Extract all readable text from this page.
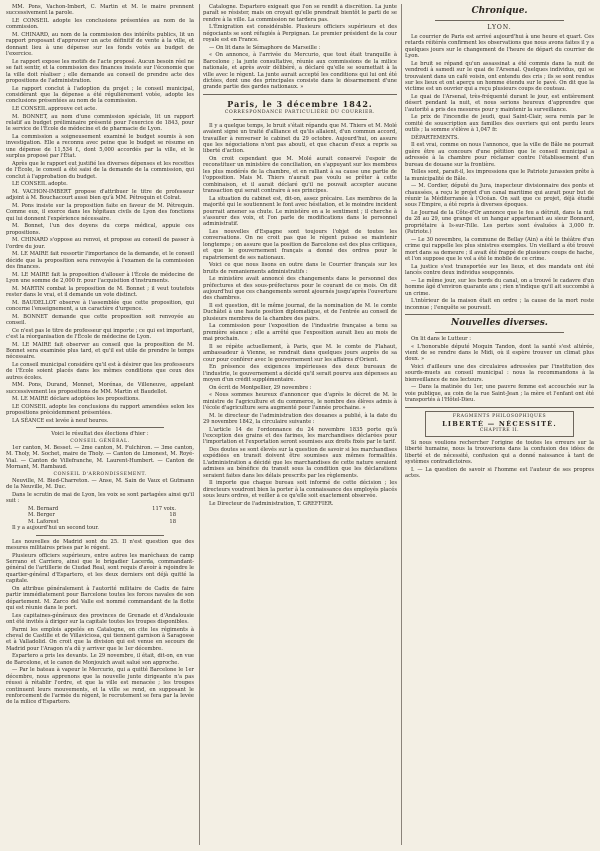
MM. Pons, Vachon-Imbert, C. Martin et M. le maire prennent successivement la parole.

LE CONSEIL adopte les conclusions présentées au nom de la commission.

M. CHINARD, au nom de la commission des intérêts publics, lit un rapport proposant d'approuver un acte définitif de vente à la ville, et donnant lieu à une dépense sur les fonds votés au budget de l'exercice.

Le rapport expose les motifs de l'acte proposé. Aucun besoin réel ne se fait sentir, et la commission des finances insiste sur l'économie que la ville doit réaliser ; elle demande au conseil de prendre acte des propositions de l'administration.

Le rapport conclut à l'adoption du projet ; le conseil municipal, considérant que la dépense a été régulièrement votée, adopte les conclusions présentées au nom de la commission.

LE CONSEIL approuve cet acte.

M. BONNET, au nom d'une commission spéciale, lit un rapport relatif au budget préliminaire présenté pour l'exercice de 1843, pour le service de l'École de médecine et de pharmacie de Lyon.

La commission a soigneusement examiné le budget soumis à son investigation. Elle a reconnu avec peine que le budget se résume en une dépense de 11,534 f., dont 5,000 accordés par la ville, et le surplus proposé par l'État.

Après que le rapport eut justifié les diverses dépenses et les recettes de l'École, le conseil a été saisi de la demande de la commission, qui conclut à l'approbation du budget.

LE CONSEIL adopte.

M. VACHON-IMBERT propose d'attribuer le titre de professeur adjoint à M. Bouchacourt aussi bien qu'à MM. Pétrequin et Colrat.

M. Pons insiste sur la proposition faite en faveur de M. Pétrequin. Comme eux, il exerce dans les hôpitaux civils de Lyon des fonctions qui lui donnent l'expérience nécessaire.

M. Bonnet, l'un des doyens du corps médical, appuie ces propositions.

M. CHINARD s'oppose au renvoi, et propose au conseil de passer à l'ordre du jour.

M. LE MAIRE fait ressortir l'importance de la demande, et le conseil décide que la proposition sera renvoyée à l'examen de la commission des finances.

M. LE MAIRE fait la proposition d'allouer à l'École de médecine de Lyon une somme de 2,000 fr. pour l'acquisition d'instruments.

M. MARTIN combat la proposition de M. Bonnet ; il veut toutefois rester dans le vrai, et il demande un vote distinct.

M. BAUDELLOT observe à l'assemblée que cette proposition, qui concerne l'enseignement, a un caractère d'urgence.

M. BONNET demande que cette proposition soit renvoyée au conseil.

Ce n'est pas le titre de professeur qui importe ; ce qui est important, c'est la réorganisation de l'École de médecine de Lyon.

M. LE MAIRE fait observer au conseil que la proposition de M. Bonnet sera examinée plus tard, et qu'il est utile de prendre le temps nécessaire.

Le conseil municipal considère qu'il est à désirer que les professeurs de l'École soient placés dans les mêmes conditions que ceux des autres écoles.

MM. Pons, Durand, Monnet, Morénas, de Villeneuve, appelant successivement les propositions de MM. Martin et Baudellot.

M. LE MAIRE déclare adoptées les propositions.

LE CONSEIL adopte les conclusions du rapport amendées selon les propositions précédemment présentées.

LA SÉANCE est levée à neuf heures.

Voici le résultat des élections d'hier :

CONSEIL GÉNÉRAL.

1er canton, M. Besset. — 2me canton, M. Fulchiron. — 3me canton, M. Tholy, M. Sochet, maire de Tholy. — Canton de Limonest, M. Royé-Vial. — Canton de Villefranche, M. Laurent-Humbert. — Canton de Mornant, M. Rambaud.

CONSEIL D'ARRONDISSEMENT.

Neuville, M. Bied-Charreton. — Anse, M. Sain de Vaux et Gutmann de la Neuville, M. Duc.

Dans le scrutin de mai de Lyon, les voix se sont partagées ainsi qu'il suit :

M. Bernard	117 voix.
M. Berger	18
M. Laforest	18

Il y a aujourd'hui un second tour.

Les nouvelles de Madrid sont du 25. Il n'est question que des mesures militaires prises par le régent.

Plusieurs officiers supérieurs, entre autres les maréchaux de camp Serrano et Carriero, ainsi que le brigadier Lacerda, commandant-général de l'artillerie de Ciudad Real, sont requis d'avoir à rejoindre le quartier-général d'Espartero, et les deux derniers ont déjà quitté la capitale.

On attribue généralement à l'autorité militaire de Cadix de faire partir immédiatement pour Barcelone toutes les forces navales de son département. M. Zarco del Valle est nommé commandant de la flotte qui est réunie dans le port.

Les capitaines-généraux des provinces de Grenade et d'Andalousie ont été invités à diriger sur la capitale toutes les troupes disponibles.

Parmi les emplois appelés en Catalogne, on cite les régiments à cheval de Castille et de Villaviciosa, qui tiennent garnison à Saragosse et à Valladolid. On croit que la division qui est venue en secours de Madrid pour l'Aragon n'a dû y arriver que le 1er décembre.

Espartero a pris les devants. Le 29 novembre, il était, dit-on, en vue de Barcelone, et le canon de Monjouich avait salué son approche.

— Par le bateau à vapeur le Mercurio, qui a quitté Barcelone le 1er décembre, nous apprenons que la nouvelle junte dirigeante n'a pas réussi à rétablir l'ordre, et que la ville est menacée ; les troupes continuent leurs mouvements, et la ville se rend, en supposant le renforcement de l'armée du régent, le recrutement se fera par la levée de la milice d'Espartero.

Catalogne. Espartero exigeait que l'on se rendît à discrétion. La junte paraît se résister, mais on croyait qu'elle prendrait bientôt le parti de se rendre à la ville. La commission ne tardera pas.

L'Émigration est considérable. Plusieurs officiers supérieurs et des négociants se sont réfugiés à Perpignan. Le premier président de la cour royale est en France.

— On lit dans le Sémaphore de Marseille :

« On annonce, à l'arrivée du Mercurio, que tout était tranquille à Barcelone ; la junte consultative, réunie aux commissions de la milice nationale, et après avoir délibéré, a déclaré qu'elle se soumettait à la ville avec le régent. La junte aurait accepté les conditions qui lui ont été dictées, dont une des principales consiste dans le désarmement d'une grande partie des gardes nationaux. »

Paris, le 3 décembre 1842.
CORRESPONDANCE PARTICULIÈRE DU COURRIER.

Il y a quelque temps, le bruit s'était répandu que M. Thiers et M. Molé avaient signé un traité d'alliance et qu'ils allaient, d'un commun accord, travailler à renverser le cabinet du 29 octobre. Aujourd'hui, on assure que les négociations n'ont pas abouti, et que chacun d'eux a repris sa liberté d'action.

On croit cependant que M. Molé aurait conservé l'espoir de reconstituer un ministère de conciliation, en s'appuyant sur les membres les plus modérés de la chambre, et en ralliant à sa cause une partie de l'opposition. Mais M. Thiers n'aurait pas voulu se prêter à cette combinaison, et il aurait déclaré qu'il ne pouvait accepter aucune transaction qui serait contraire à ses principes.

La situation du cabinet est, dit-on, assez précaire. Les membres de la majorité qui le soutiennent le font avec hésitation, et le moindre incident pourrait amener sa chute. Le ministère en a le sentiment ; il cherche à s'assurer des voix, et l'on parle de modifications dans le personnel administratif.

Les nouvelles d'Espagne sont toujours l'objet de toutes les conversations. On ne croit pas que le régent puisse se maintenir longtemps ; on assure que la position de Barcelone est des plus critiques, et que le gouvernement français a donné des ordres pour le rapatriement de ses nationaux.

Voici ce que nous lisons en outre dans le Courrier français sur les bruits de remaniements administratifs :

Le ministère avait annoncé des changements dans le personnel des préfectures et des sous-préfectures pour le courant de ce mois. On dit aujourd'hui que ces changements seront ajournés jusqu'après l'ouverture des chambres.

Il est question, dit le même journal, de la nomination de M. le comte Duchâtel à une haute position diplomatique, et de l'entrée au conseil de plusieurs membres de la chambre des pairs.

La commission pour l'exposition de l'industrie française a tenu sa première séance ; elle a arrêté que l'exposition aurait lieu au mois de mai prochain.

Il se répète actuellement, à Paris, que M. le comte de Flahaut, ambassadeur à Vienne, se rendrait dans quelques jours auprès de sa cour pour conférer avec le gouvernement sur les affaires d'Orient.

En présence des exigences impérieuses des deux bureaux de l'industrie, le gouvernement a décidé qu'il serait pourvu aux dépenses au moyen d'un crédit supplémentaire.

On écrit de Montpellier, 29 novembre :

« Nous sommes heureux d'annoncer que d'après le décret de M. le ministre de l'agriculture et du commerce, le nombre des élèves admis à l'école d'agriculture sera augmenté pour l'année prochaine. »

M. le directeur de l'administration des douanes a publié, à la date du 29 novembre 1842, la circulaire suivante :

L'article 14 de l'ordonnance du 24 novembre 1835 porte qu'à l'exception des grains et des farines, les marchandises déclarées pour l'importation et l'exportation seront soumises aux droits fixés par le tarif.

Des doutes se sont élevés sur la question de savoir si les marchandises expédiées en transit doivent être soumises aux mêmes formalités. L'administration a décidé que les marchandises de cette nature seraient admises au bénéfice du transit sous la condition que les déclarations seraient faites dans les délais prescrits par les règlements.

Il importe que chaque bureau soit informé de cette décision ; les directeurs voudront bien la porter à la connaissance des employés placés sous leurs ordres, et veiller à ce qu'elle soit exactement observée.

Le Directeur de l'administration, T. GREFFIER.

Chronique.
LYON.

Le courrier de Paris est arrivé aujourd'hui à une heure et quart. Ces retards réitérés confirment les observations que nous avons faites il y a quelques jours sur le changement de l'heure de départ du courrier de Lyon.

Le bruit se répand qu'un assassinat a été commis dans la nuit de vendredi à samedi sur le quai de l'Arsenal. Quelques individus, qui se trouvaient dans un café voisin, ont entendu des cris ; ils se sont rendus sur les lieux et ont aperçu un homme étendu sur le pavé. On dit que la victime est un ouvrier qui a reçu plusieurs coups de couteau.

Le quai de l'Arsenal, très-fréquenté durant le jour, est entièrement désert pendant la nuit, et nous serions heureux d'apprendre que l'autorité a pris des mesures pour y maintenir la surveillance.

Le prix de l'incendie de jeudi, quai Saint-Clair, sera remis par le comité de souscription aux familles des ouvriers qui ont perdu leurs outils ; la somme s'élève à 1,047 fr.

DÉPARTEMENTS.

Il est vrai, comme on nous l'annonce, que la ville de Bâle ne pourrait guère être au concours d'une pétition que le conseil municipal a adressée à la chambre pour réclamer contre l'établissement d'un bureau de douane sur la frontière.

Telles sont, parait-il, les impressions que le Patriote jurassien prête à la municipalité de Bâle.

— M. Cordier, député du Jura, inspecteur divisionnaire des ponts et chaussées, a reçu le projet d'un canal maritime qui aurait pour but de réunir la Méditerranée à l'Océan. On sait que ce projet, déjà étudié sous l'Empire, a été repris à diverses époques.

Le Journal de la Côte-d'Or annonce que le feu a détruit, dans la nuit du 28 au 29, une grange et un hangar appartenant au sieur Bonnard, propriétaire à Is-sur-Tille. Les pertes sont évaluées à 3,000 fr. (Patriote.)

— Le 30 novembre, la commune de Bellay (Ain) a été le théâtre d'un crime qui rappelle les plus sinistres exemples. Un vieillard a été trouvé mort dans sa demeure ; il avait été frappé de plusieurs coups de hache, et l'on suppose que le vol a été le mobile de ce crime.

La justice s'est transportée sur les lieux, et des mandats ont été lancés contre deux individus soupçonnés.

— Le même jour, sur les bords du canal, on a trouvé le cadavre d'un homme âgé d'environ quarante ans ; rien n'indique qu'il ait succombé à un crime.

L'intérieur de la maison était en ordre ; la cause de la mort reste inconnue ; l'enquête se poursuit.

Nouvelles diverses.

On lit dans le Lutteur :

« L'honorable député Moquin Tandon, dont la santé s'est altérée, vient de se rendre dans le Midi, où il espère trouver un climat plus doux. »

Voici d'ailleurs une des circulaires adressées par l'institution des sourds-muets au conseil municipal : nous la recommandons à la bienveillance de nos lecteurs.

— Dans la matinée du 1er, une pauvre femme est accouchée sur la voie publique, au coin de la rue Saint-Jean ; la mère et l'enfant ont été transportés à l'Hôtel-Dieu.

FRAGMENTS PHILOSOPHIQUES
LIBERTÉ — NÉCESSITÉ.
CHAPITRE II.

Si nous voulions rechercher l'origine de toutes les erreurs sur la liberté humaine, nous la trouverions dans la confusion des idées de liberté et de nécessité, confusion qui a donné naissance à tant de systèmes contradictoires.

I. — La question de savoir si l'homme est l'auteur de ses propres actes.
